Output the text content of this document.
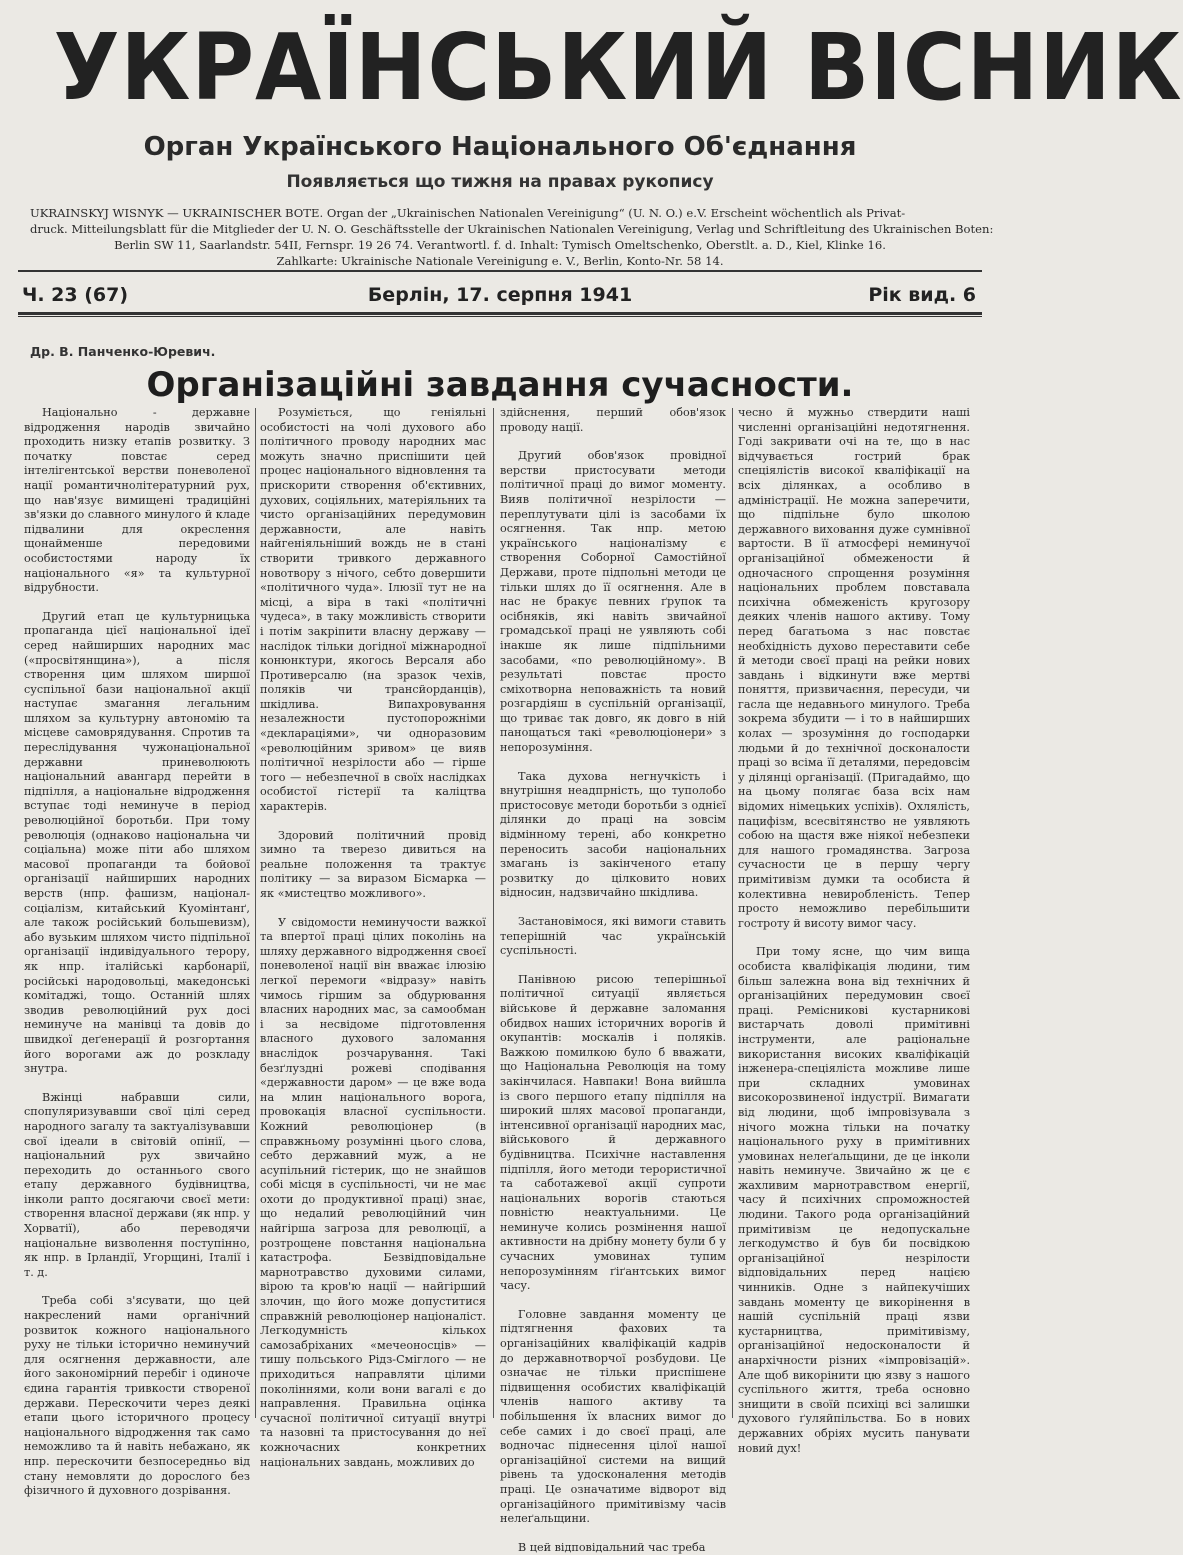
УКРАЇНСЬКИЙ ВІСНИК
Орган Українського Національного Об'єднання
Появляється що тижня на правах рукопису
UKRAINSKYJ WISNYK — UKRAINISCHER BOTE. Organ der „Ukrainischen Nationalen Vereinigung“ (U. N. O.) e.V. Erscheint wöchentlich als Privat-
druck. Mitteilungsblatt für die Mitglieder der U. N. O. Geschäftsstelle der Ukrainischen Nationalen Vereinigung, Verlag und Schriftleitung des Ukrainischen Boten:
Berlin SW 11, Saarlandstr. 54II, Fernspr. 19 26 74. Verantwortl. f. d. Inhalt: Tymisch Omeltschenko, Oberstlt. a. D., Kiel, Klinke 16.
Zahlkarte: Ukrainische Nationale Vereinigung e. V., Berlin, Konto-Nr. 58 14.
Ч. 23 (67)	Берлін, 17. серпня 1941	Рік вид. 6
Др. В. Панченко-Юревич.
Організаційні завдання сучасности.

Національно - державне відродження народів звичайно проходить низку етапів розвитку. З початку повстає серед інтелігентської верстви поневоленої нації романтичнолітературний рух, що нав'язує вимищені традиційні зв'язки до славного минулого й кладе підвалини для окреслення щонайменше передовими особистостями народу їх національного «я» та культурної відрубности.

Другий етап це культурницька пропаганда цієї національної ідеї серед найширших народних мас («просвітянщина»), а після створення цим шляхом ширшої суспільної бази національної акції наступає змагання легальним шляхом за культурну автономію та місцеве самоврядування. Спротив та переслідування чужонаціональної державни приневолюють національний авангард перейти в підпілля, а національне відродження вступає тоді неминуче в період революційної боротьби. При тому революція (однаково національна чи соціальна) може піти або шляхом масової пропаганди та бойової організації найширших народних верств (нпр. фашизм, націонал-соціалізм, китайський Куомінтанґ, але також російський большевизм), або вузьким шляхом чисто підпільної організації індивідуального терору, як нпр. італійські карбонарії, російські народовольці, македонські комітаджі, тощо. Останній шлях зводив революційний рух досі неминуче на манівці та довів до швидкої деґенерації й розгортання його ворогами аж до розкладу знутра.

Вжінці набравши сили, спопуляризувавши свої цілі серед народного загалу та зактуалізувавши свої ідеали в світовій опінії, — національний рух звичайно переходить до останнього свого етапу державного будівництва, інколи рапто досягаючи своєї мети: створення власної держави (як нпр. у Хорватії), або переводячи національне визволення поступінно, як нпр. в Ірландії, Угорщині, Італії і т. д.

Треба собі з'ясувати, що цей накреслений нами органічний розвиток кожного національного руху не тільки історично неминучий для осягнення державности, але його закономірний перебіг і одиноче єдина гарантія тривкости створеної держави. Перескочити через деякі етапи цього історичного процесу національного відродження так само неможливо та й навіть небажано, як нпр. перескочити безпосередньо від стану немовляти до дорослого без фізичного й духовного дозрівання.

Розуміється, що геніяльні особистості на чолі духового або політичного проводу народних мас можуть значно приспішити цей процес національного відновлення та прискорити створення об'єктивних, духових, соціяльних, матеріяльних та чисто організаційних передумовин державности, але навіть найгеніяльніший вождь не в стані створити тривкого державного новотвору з нічого, себто довершити «політичного чуда». Ілюзії тут не на місці, а віра в такі «політичні чудеса», в таку можливість створити і потім закріпити власну державу — наслідок тільки догідної міжнародної конюнктури, якогось Версаля або Противерсалю (на зразок чехів, поляків чи трансйорданців), шкідлива. Випахровування незалежности пустопорожніми «деклараціями», чи одноразовим «революційним зривом» це вияв політичної незрілости або — гірше того — небезпечної в своїх наслідках особистої гістерії та каліцтва характерів.

Здоровий політичний провід зимно та тверезо дивиться на реальне положення та трактує політику — за виразом Бісмарка — як «мистецтво можливого».

У свідомости неминучости важкої та впертої праці цілих поколінь на шляху державного відродження своєї поневоленої нації він вважає ілюзію легкої перемоги «відразу» навіть чимось гіршим за обдурювання власних народних мас, за самообман і за несвідоме підготовлення власного духового заломання внаслідок розчарування. Такі безґлуздні рожеві сподівання «державности даром» — це вже вода на млин національного ворога, провокація власної суспільности. Кожний революціонер (в справжньому розумінні цього слова, себто державний муж, а не асупільний гістерик, що не знайшов собі місця в суспільності, чи не має охоти до продуктивної праці) знає, що недалий революційний чин найгірша загроза для революції, а розтрощене повстання національна катастрофа. Безвідповідальне марнотравство духовими силами, вірою та кров'ю нації — найгірший злочин, що його може допуститися справжній революціонер націоналіст. Легкодумність кількох самозабріханих «мечеоносців» — тишу польського Рідз-Сміглого — не приходиться направляти цілими поколіннями, коли вони вагалі є до направлення. Правильна оцінка сучасної політичної ситуації внутрі та назовні та пристосування до неї кожночасних конкретних національних завдань, можливих до

здійснення, перший обов'язок проводу нації.

Другий обов'язок провідної верстви пристосувати методи політичної праці до вимог моменту. Вияв політичної незрілости — переплутувати цілі із засобами їх осягнення. Так нпр. метою українського націоналізму є створення Соборної Самостійної Держави, проте підпольні методи це тільки шлях до її осягнення. Але в нас не бракує певних ґрупок та осібняків, які навіть звичайної громадської праці не уявляють собі інакше як лише підпільними засобами, «по революційному». В результаті повстає просто сміхотворна неповажність та новий розгардіяш в суспільній організації, що триває так довго, як довго в ній панощаться такі «революціонери» з непорозуміння.

Така духова негнучкість і внутрішня неадпрність, що туполобо пристосовує методи боротьби з однієї ділянки до праці на зовсім відмінному терені, або конкретно переносить засоби національних змагань із закінченого етапу розвитку до цілковито нових відносин, надзвичайно шкідлива.

Застановімося, які вимоги ставить теперішній час українській суспільності.

Панівною рисою теперішньої політичної ситуації являється військове й державне заломання обидвох наших історичних ворогів й окупантів: москалів і поляків. Важкою помилкою було б вважати, що Національна Революція на тому закінчилася. Навпаки! Вона вийшла із свого першого етапу підпілля на широкий шлях масової пропаганди, інтенсивної організації народних мас, військового й державного будівництва. Психічне наставлення підпілля, його методи терористичної та саботажевої акції супроти національних ворогів стаються повністю неактуальними. Це неминуче колись розмінення нашої активности на дрібну монету були б у сучасних умовинах тупим непорозумінням ґіґантських вимог часу.

Головне завдання моменту це підтягнення фахових та організаційних кваліфікацій кадрів до державнотворчої розбудови. Це означає не тільки приспішене підвищення особистих кваліфікацій членів нашого активу та побільшення їх власних вимог до себе самих і до своєї праці, але водночас піднесення цілої нашої організаційної системи на вищий рівень та удосконалення методів праці. Це означатиме відворот від організаційного примітивізму часів нелеґальщини.

В цей відповідальний час треба

чесно й мужньо ствердити наші численні організаційні недотягнення. Годі закривати очі на те, що в нас відчувається гострий брак спеціялістів високої кваліфікації на всіх ділянках, а особливо в адміністрації. Не можна заперечити, що підпільне було школою державного виховання дуже сумнівної вартости. В її атмосфері неминучої організаційної обмежености й одночасного спрощення розуміння національних проблем повставала психічна обмеженість кругозору деяких членів нашого активу. Тому перед багатьома з нас повстає необхідність духово переставити себе й методи своєї праці на рейки нових завдань і відкинути вже мертві поняття, призвичаєння, пересуди, чи гасла ще недавнього минулого. Треба зокрема збудити — і то в найширших колах — зрозуміння до господарки людьми й до технічної досконалости праці зо всіма її деталями, передовсім у ділянці організації. (Пригадаймо, що на цьому полягає база всіх нам відомих німецьких успіхів). Охлялість, пацифізм, всесвітянство не уявляють собою на щастя вже ніякої небезпеки для нашого громадянства. Загроза сучасности це в першу чергу примітивізм думки та особиста й колективна невиробленість. Тепер просто неможливо перебільшити гостроту й висоту вимог часу.

При тому ясне, що чим вища особиста кваліфікація людини, тим більш залежна вона від технічних й організаційних передумовин своєї праці. Ремісникові кустарникові вистарчать доволі примітивні інструменти, але раціональне використання високих кваліфікацій інженера-спеціяліста можливе лише при складних умовинах високорозвиненої індустрії. Вимагати від людини, щоб імпровізувала з нічого можна тільки на початку національного руху в примітивних умовинах нелеґальщини, де це інколи навіть неминуче. Звичайно ж це є жахливим марнотравством енергії, часу й психічних спроможностей людини. Такого рода організаційний примітивізм це недопускальне легкодумство й був би посвідкою організаційної незрілости відповідальних перед нацією чинників. Одне з найпекучіших завдань моменту це викорінення в нашій суспільній праці язви кустарництва, примітивізму, організаційної недосконалости й анархічности різних «імпровізацій». Але щоб викорінити цю язву з нашого суспільного життя, треба основно знищити в своїй психіці всі залишки духового ґуляйпільства. Бо в нових державних обріях мусить панувати новий дух!
